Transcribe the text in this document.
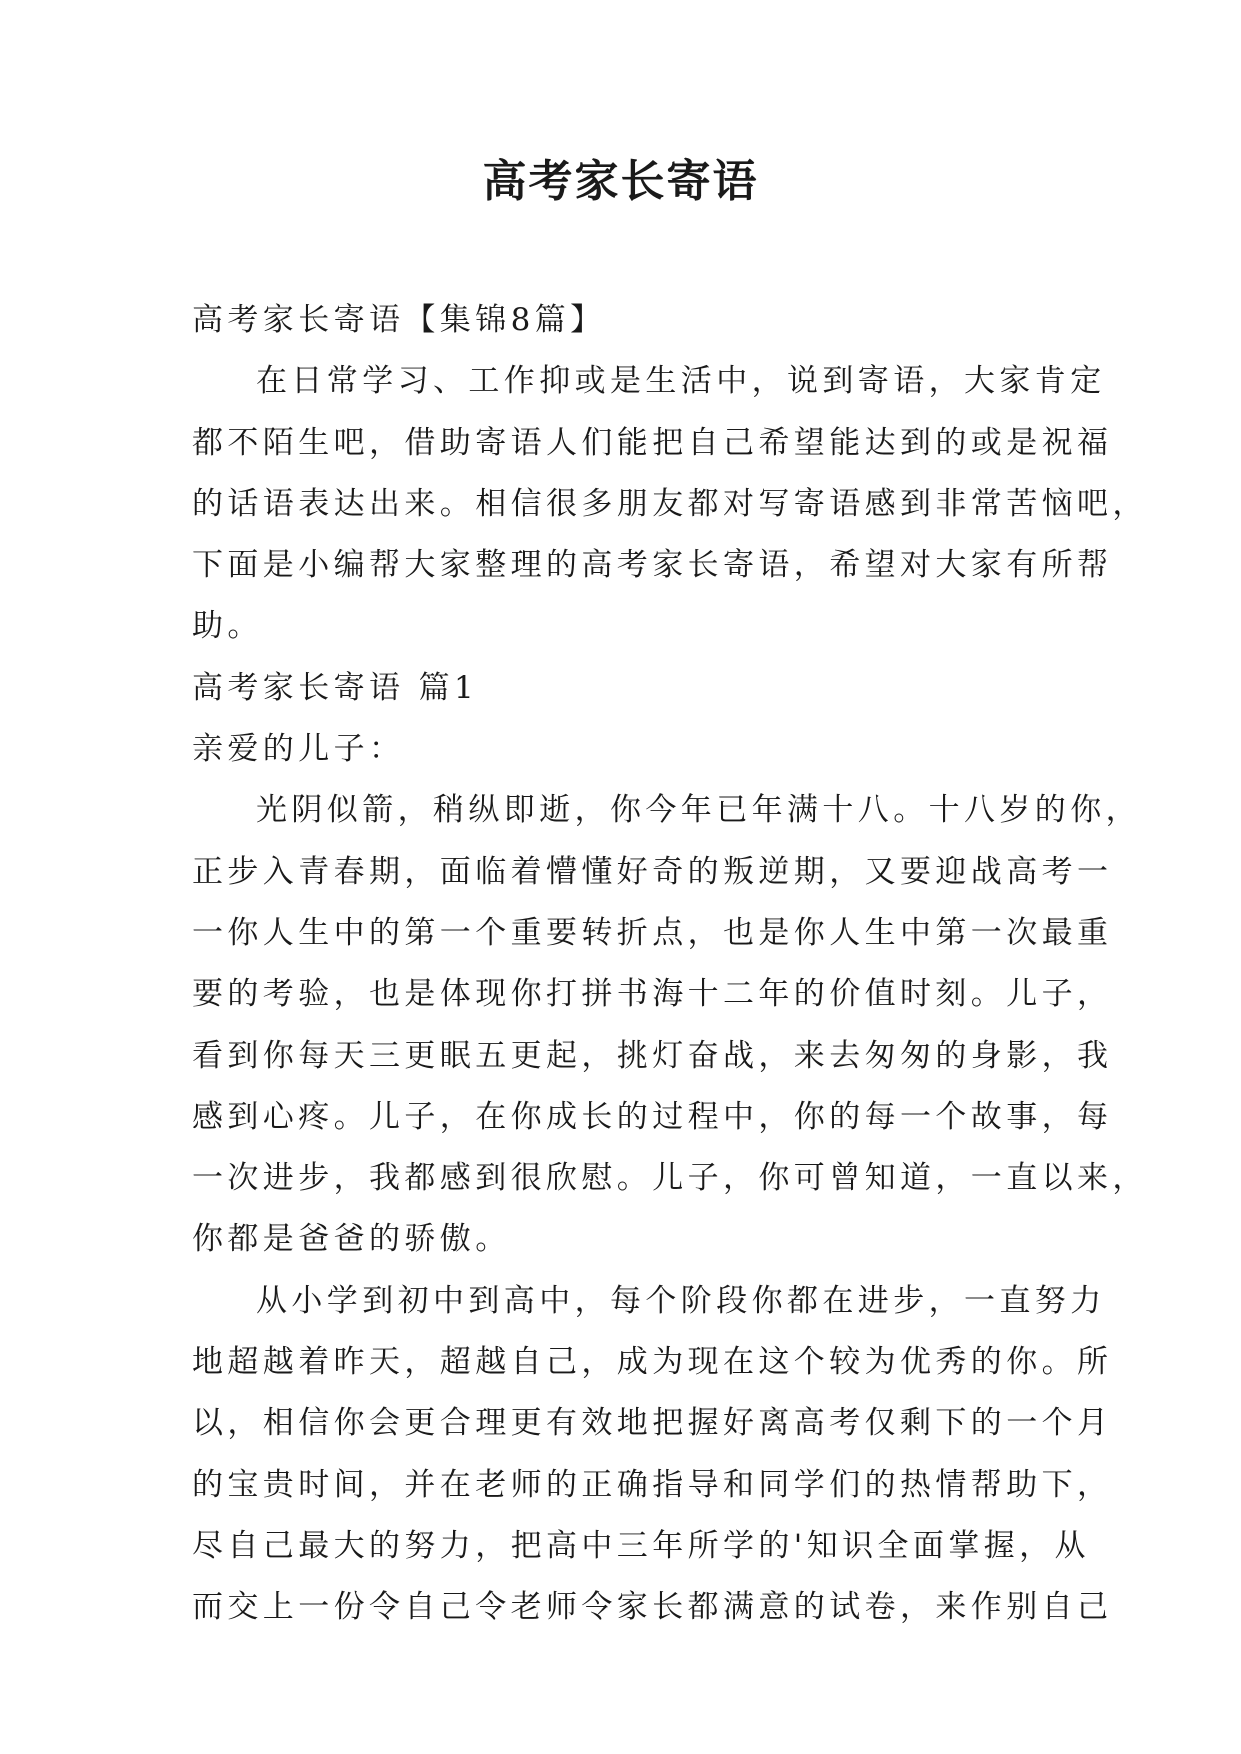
高考家长寄语

高考家长寄语【集锦8篇】

在日常学习、工作抑或是生活中，说到寄语，大家肯定

都不陌生吧，借助寄语人们能把自己希望能达到的或是祝福

的话语表达出来。相信很多朋友都对写寄语感到非常苦恼吧，

下面是小编帮大家整理的高考家长寄语，希望对大家有所帮

助。

高考家长寄语 篇1

亲爱的儿子：

光阴似箭，稍纵即逝，你今年已年满十八。十八岁的你，

正步入青春期，面临着懵懂好奇的叛逆期，又要迎战高考一

一你人生中的第一个重要转折点，也是你人生中第一次最重

要的考验，也是体现你打拼书海十二年的价值时刻。儿子，

看到你每天三更眠五更起，挑灯奋战，来去匆匆的身影，我

感到心疼。儿子，在你成长的过程中，你的每一个故事，每

一次进步，我都感到很欣慰。儿子，你可曾知道，一直以来，

你都是爸爸的骄傲。

从小学到初中到高中，每个阶段你都在进步，一直努力

地超越着昨天，超越自己，成为现在这个较为优秀的你。所

以，相信你会更合理更有效地把握好离高考仅剩下的一个月

的宝贵时间，并在老师的正确指导和同学们的热情帮助下，

尽自己最大的努力，把高中三年所学的'知识全面掌握，从

而交上一份令自己令老师令家长都满意的试卷，来作别自己
